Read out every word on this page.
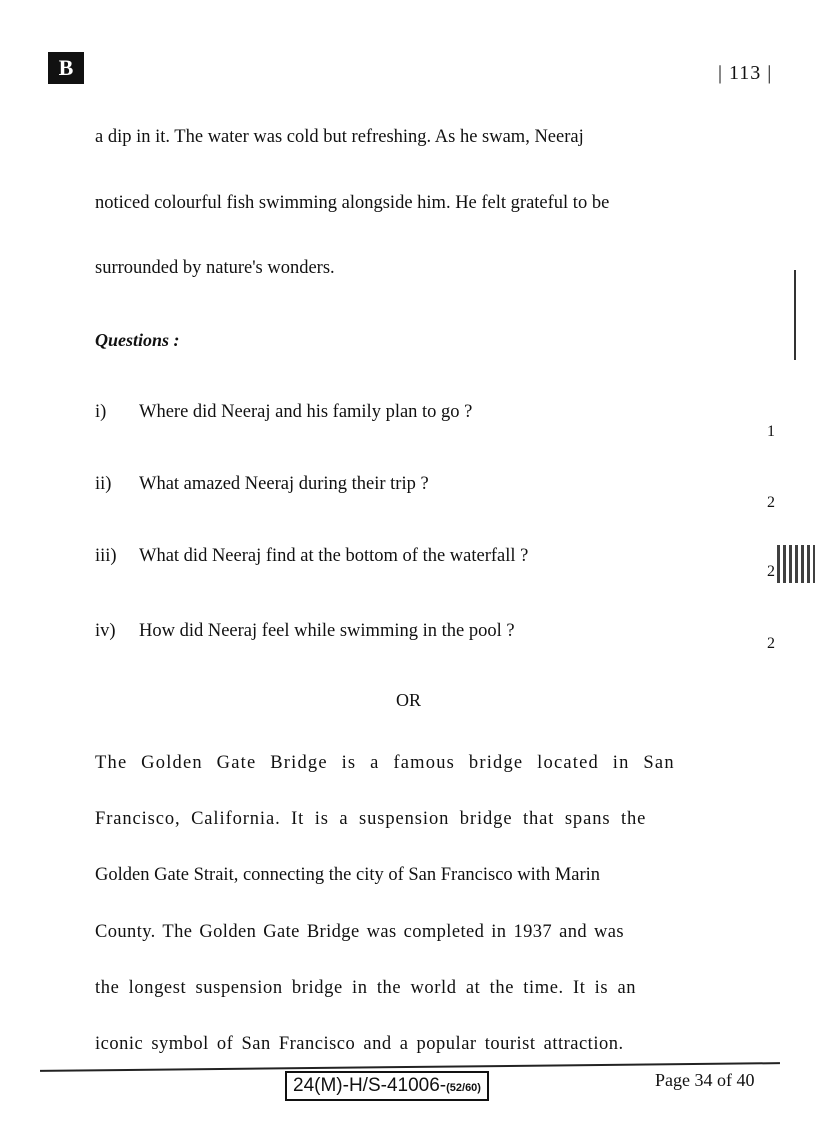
B	| 113 |
a dip in it. The water was cold but refreshing. As he swam, Neeraj
noticed colourful fish swimming alongside him. He felt grateful to be
surrounded by nature's wonders.
Questions :
i) Where did Neeraj and his family plan to go ?
1
ii) What amazed Neeraj during their trip ?
2
iii) What did Neeraj find at the bottom of the waterfall ?
2
iv) How did Neeraj feel while swimming in the pool ?
2
OR
The Golden Gate Bridge is a famous bridge located in San
Francisco, California. It is a suspension bridge that spans the
Golden Gate Strait, connecting the city of San Francisco with Marin
County. The Golden Gate Bridge was completed in 1937 and was
the longest suspension bridge in the world at the time. It is an
iconic symbol of San Francisco and a popular tourist attraction.
24(M)-H/S-41006-(52/60)	Page 34 of 40
